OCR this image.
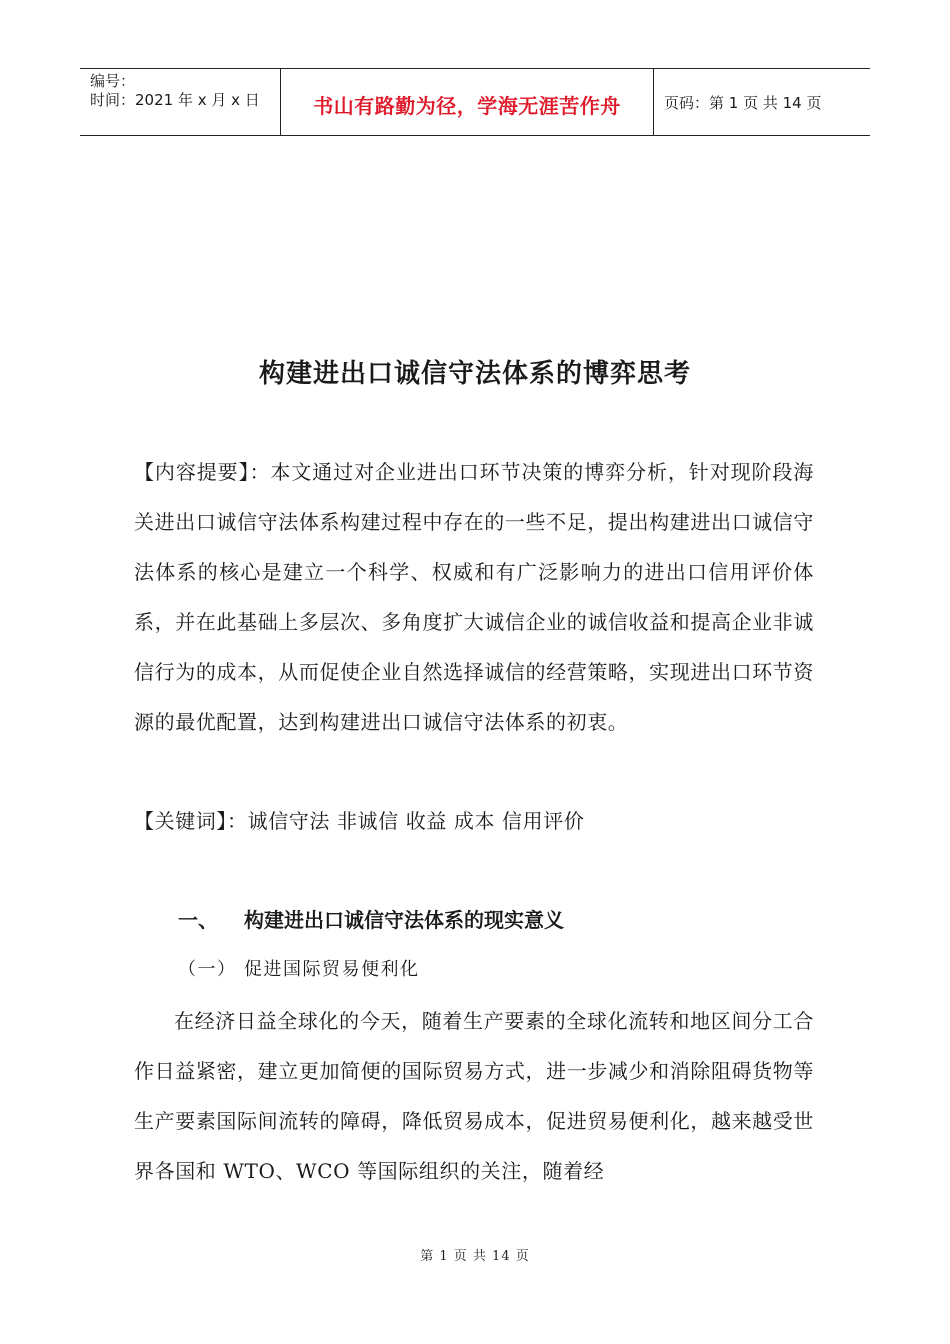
编号：
时间：2021 年 x 月 x 日	书山有路勤为径，学海无涯苦作舟	页码：第 1 页 共 14 页
构建进出口诚信守法体系的博弈思考

【内容提要】：本文通过对企业进出口环节决策的博弈分析，针对现阶段海关进出口诚信守法体系构建过程中存在的一些不足，提出构建进出口诚信守法体系的核心是建立一个科学、权威和有广泛影响力的进出口信用评价体系，并在此基础上多层次、多角度扩大诚信企业的诚信收益和提高企业非诚信行为的成本，从而促使企业自然选择诚信的经营策略，实现进出口环节资源的最优配置，达到构建进出口诚信守法体系的初衷。

【关键词】：诚信守法 非诚信 收益 成本 信用评价

一、 构建进出口诚信守法体系的现实意义
（一） 促进国际贸易便利化

在经济日益全球化的今天，随着生产要素的全球化流转和地区间分工合作日益紧密，建立更加简便的国际贸易方式，进一步减少和消除阻碍货物等生产要素国际间流转的障碍，降低贸易成本，促进贸易便利化，越来越受世界各国和 WTO、WCO 等国际组织的关注，随着经

第 1 页 共 14 页
